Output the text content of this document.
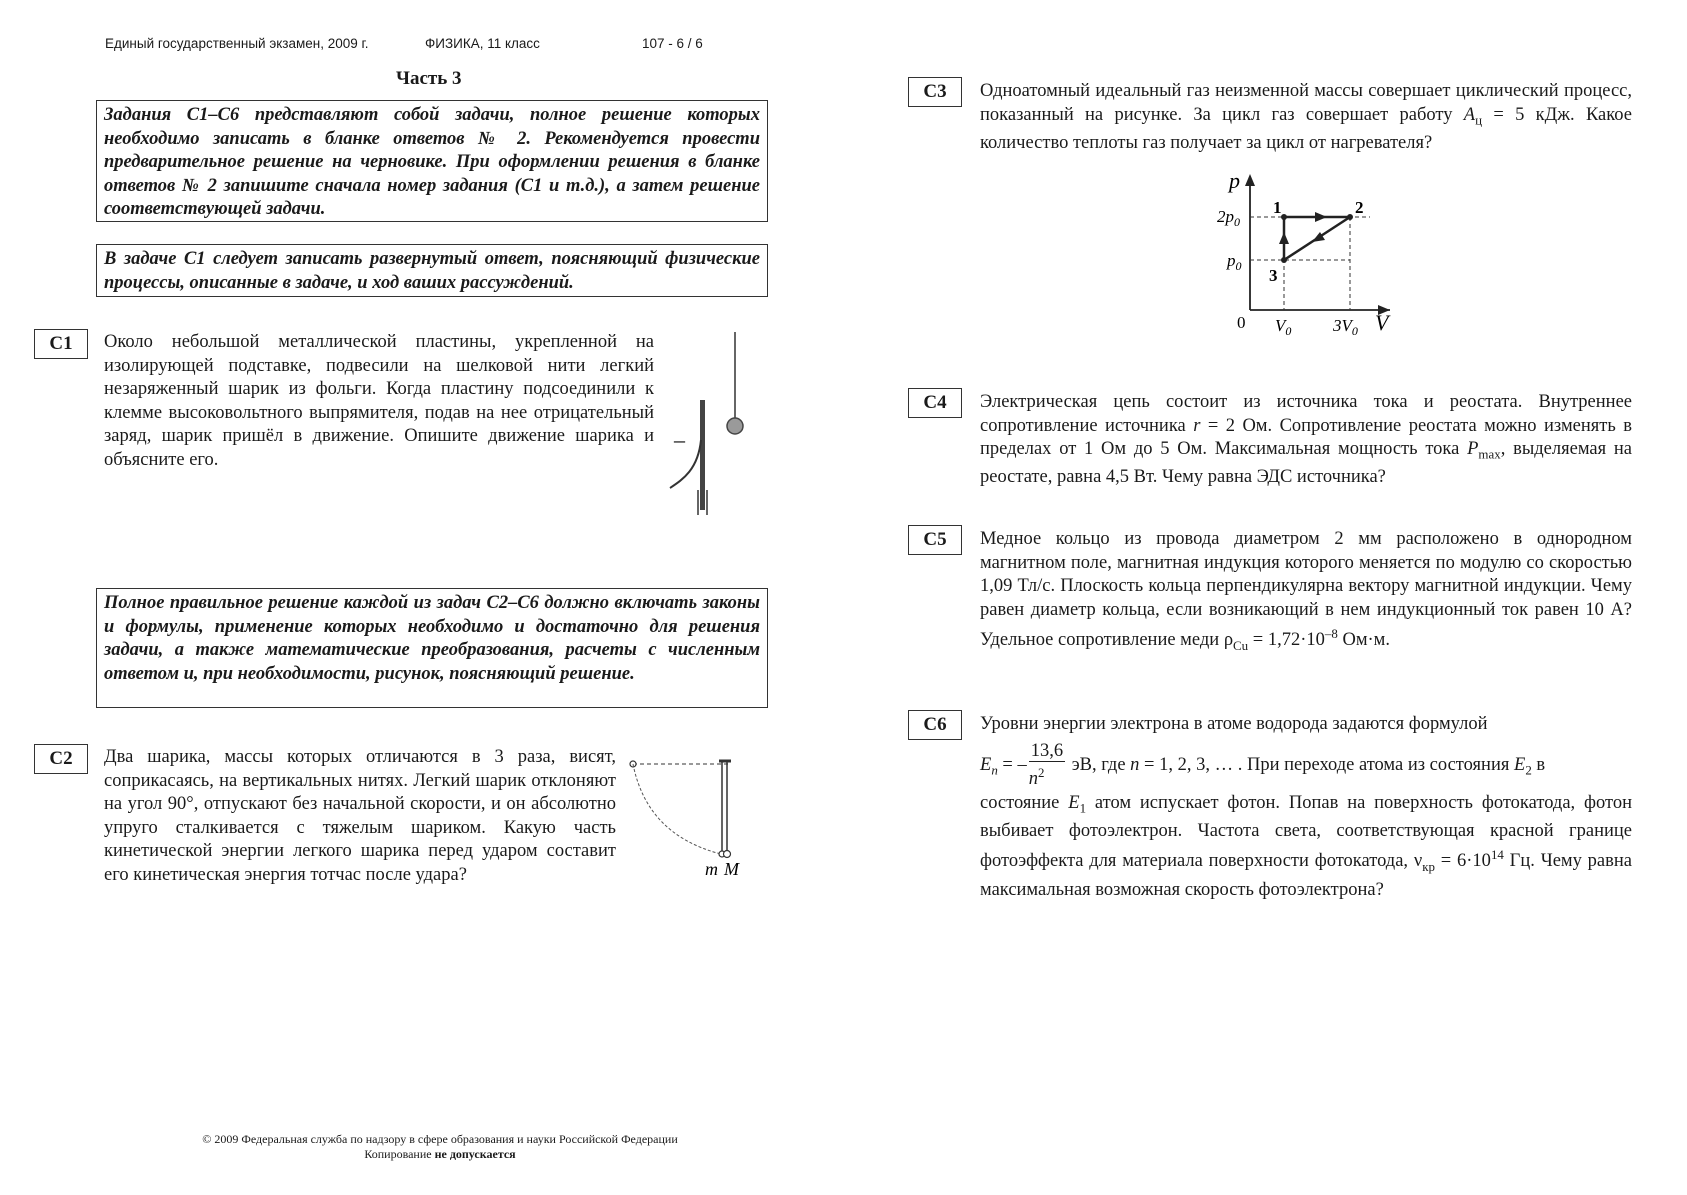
Единый государственный экзамен, 2009 г.	ФИЗИКА, 11 класс	107 - 6 / 6
Часть 3
Задания С1–С6 представляют собой задачи, полное решение которых необходимо записать в бланке ответов № 2. Рекомендуется провести предварительное решение на черновике. При оформлении решения в бланке ответов № 2 запишите сначала номер задания (С1 и т.д.), а затем решение соответствующей задачи.
В задаче С1 следует записать развернутый ответ, поясняющий физические процессы, описанные в задаче, и ход ваших рассуждений.
С1	Около небольшой металлической пластины, укрепленной на изолирующей подставке, подвесили на шелковой нити легкий незаряженный шарик из фольги. Когда пластину подсоединили к клемме высоковольтного выпрямителя, подав на нее отрицательный заряд, шарик пришёл в движение. Опишите движение шарика и объясните его.
–
Полное правильное решение каждой из задач С2–С6 должно включать законы и формулы, применение которых необходимо и достаточно для решения задачи, а также математические преобразования, расчеты с численным ответом и, при необходимости, рисунок, поясняющий решение.
С2	Два шарика, массы которых отличаются в 3 раза, висят, соприкасаясь, на вертикальных нитях. Легкий шарик отклоняют на угол 90°, отпускают без начальной скорости, и он абсолютно упруго сталкивается с тяжелым шариком. Какую часть кинетической энергии легкого шарика перед ударом составит его кинетическая энергия тотчас после удара?	m M
С3	Одноатомный идеальный газ неизменной массы совершает циклический процесс, показанный на рисунке. За цикл газ совершает работу $A_ц = 5$ кДж. Какое количество теплоты газ получает за цикл от нагревателя?
p
V
0
$2p_0$
$p_0$
$V_0$ $3V_0$
1	2
3
С4	Электрическая цепь состоит из источника тока и реостата. Внутреннее сопротивление источника r = 2 Ом. Сопротивление реостата можно изменять в пределах от 1 Ом до 5 Ом. Максимальная мощность тока $P_{max}$, выделяемая на реостате, равна 4,5 Вт. Чему равна ЭДС источника?
С5	Медное кольцо из провода диаметром 2 мм расположено в однородном магнитном поле, магнитная индукция которого меняется по модулю со скоростью 1,09 Тл/с. Плоскость кольца перпендикулярна вектору магнитной индукции. Чему равен диаметр кольца, если возникающий в нем индукционный ток равен 10 А? Удельное сопротивление меди $\rho_{Cu} = 1,72\cdot 10^{-8}$ Ом·м.
С6	Уровни энергии электрона в атоме водорода задаются формулой
$E_n$ = – $\frac{13,6}{n^2}$ эВ, где n = 1, 2, 3, … . При переходе атома из состояния $E_2$ в
состояние $E_1$ атом испускает фотон. Попав на поверхность фотокатода, фотон выбивает фотоэлектрон. Частота света, соответствующая красной границе фотоэффекта для материала поверхности фотокатода, $\nu_{кр} = 6\cdot 10^{14}$ Гц. Чему равна максимальная возможная скорость фотоэлектрона?
© 2009 Федеральная служба по надзору в сфере образования и науки Российской Федерации
Копирование не допускается
